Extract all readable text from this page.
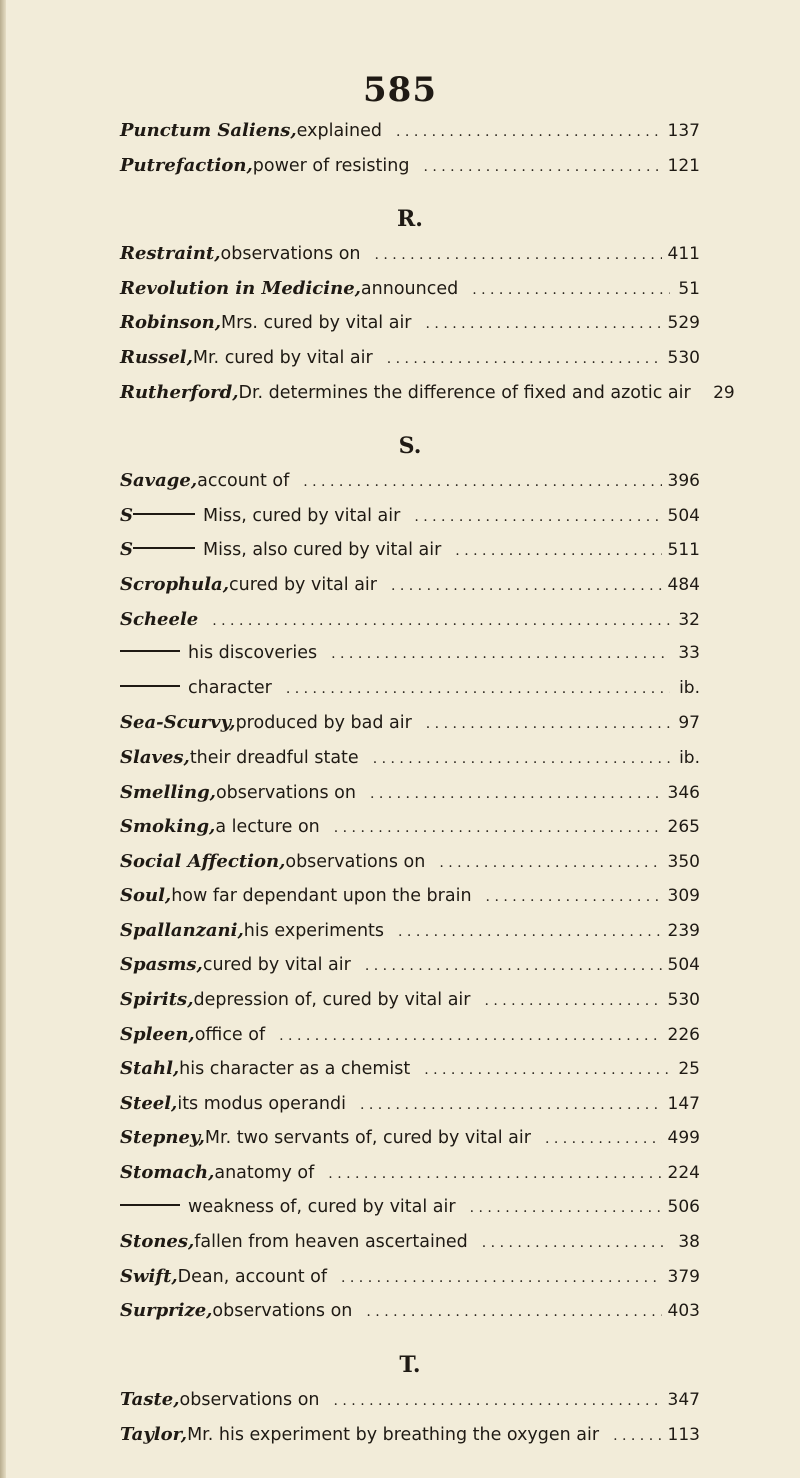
585
Punctum Saliens, explained . . .	137
Putrefaction, power of resisting . . .	121
R.
Restraint, observations on . . .	411
Revolution in Medicine, announced . . .	51
Robinson, Mrs. cured by vital air . . .	529
Russel, Mr. cured by vital air . . .	530
Rutherford, Dr. determines the difference of fixed and azotic air 29
S.
Savage, account of . . .	396
S	Miss, cured by vital air . . .	504
S	Miss, also cured by vital air . . .	511
Scrophula, cured by vital air . . .	484
Scheele . . .	32
his discoveries . . .	33
character . . .	ib.
Sea-Scurvy, produced by bad air . . .	97
Slaves, their dreadful state . . .	ib.
Smelling, observations on . . .	346
Smoking, a lecture on . . .	265
Social Affection, observations on . . .	350
Soul, how far dependant upon the brain . . .	309
Spallanzani, his experiments . . .	239
Spasms, cured by vital air . . .	504
Spirits, depression of, cured by vital air . . .	530
Spleen, office of . . .	226
Stahl, his character as a chemist . . .	25
Steel, its modus operandi . . .	147
Stepney, Mr. two servants of, cured by vital air . . .	499
Stomach, anatomy of . . .	224
weakness of, cured by vital air . . .	506
Stones, fallen from heaven ascertained . . .	38
Swift, Dean, account of . . .	379
Surprize, observations on . . .	403
T.
Taste, observations on . . .	347
Taylor, Mr. his experiment by breathing the oxygen air . . .	113
